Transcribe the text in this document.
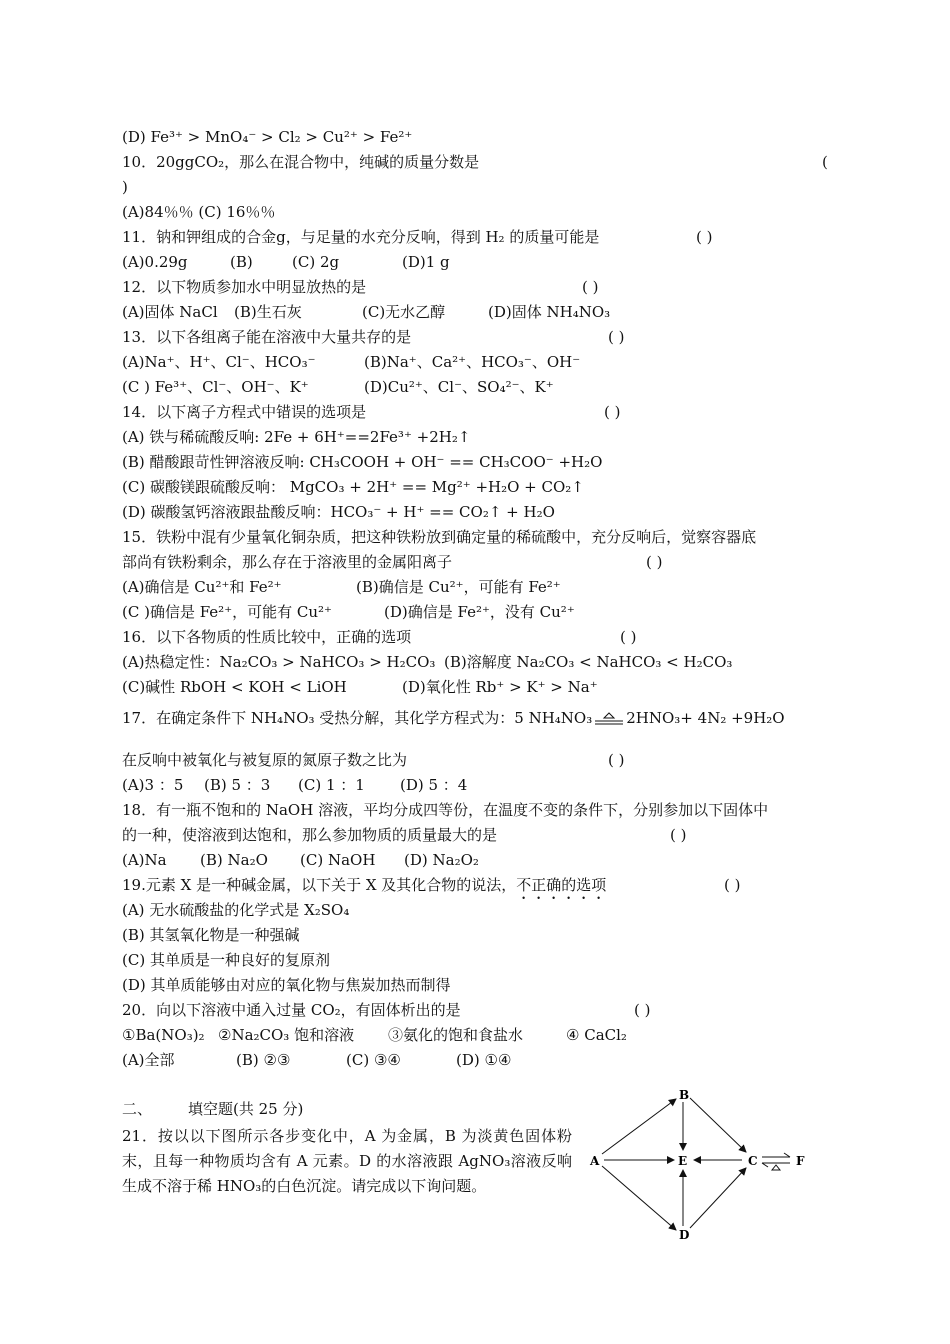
(D) Fe³⁺ > MnO₄⁻ > Cl₂ > Cu²⁺ > Fe²⁺
10．20ggCO₂，那么在混合物中，纯碱的质量分数是	(
)
(A)84％％ (C) 16％％
11．钠和钾组成的合金g，与足量的水充分反响，得到 H₂ 的质量可能是	( )
(A)0.29g	(B)	(C) 2g	(D)1 g
12．以下物质参加水中明显放热的是	( )
(A)固体 NaCl (B)生石灰	(C)无水乙醇	(D)固体 NH₄NO₃
13．以下各组离子能在溶液中大量共存的是	( )
(A)Na⁺、H⁺、Cl⁻、HCO₃⁻	(B)Na⁺、Ca²⁺、HCO₃⁻、OH⁻
(C ) Fe³⁺、Cl⁻、OH⁻、K⁺	(D)Cu²⁺、Cl⁻、SO₄²⁻、K⁺
14．以下离子方程式中错误的选项是	( )
(A) 铁与稀硫酸反响: 2Fe + 6H⁺==2Fe³⁺ +2H₂↑
(B) 醋酸跟苛性钾溶液反响: CH₃COOH + OH⁻ == CH₃COO⁻ +H₂O
(C) 碳酸镁跟硫酸反响： MgCO₃ + 2H⁺ == Mg²⁺ +H₂O + CO₂↑
(D) 碳酸氢钙溶液跟盐酸反响：HCO₃⁻ + H⁺ == CO₂↑ + H₂O
15．铁粉中混有少量氧化铜杂质，把这种铁粉放到确定量的稀硫酸中，充分反响后，觉察容器底
部尚有铁粉剩余，那么存在于溶液里的金属阳离子	( )
(A)确信是 Cu²⁺和 Fe²⁺	(B)确信是 Cu²⁺，可能有 Fe²⁺
(C )确信是 Fe²⁺，可能有 Cu²⁺	(D)确信是 Fe²⁺，没有 Cu²⁺
16．以下各物质的性质比较中，正确的选项	( )
(A)热稳定性：Na₂CO₃ > NaHCO₃ > H₂CO₃ (B)溶解度 Na₂CO₃ < NaHCO₃ < H₂CO₃
(C)碱性 RbOH < KOH < LiOH	(D)氧化性 Rb⁺ > K⁺ > Na⁺
17．在确定条件下 NH₄NO₃ 受热分解，其化学方程式为：5 NH₄NO₃ 2HNO₃+ 4N₂ +9H₂O
在反响中被氧化与被复原的氮原子数之比为	( )
(A)3 ：5 (B) 5 ：3 (C) 1 ：1 (D) 5 ：4
18．有一瓶不饱和的 NaOH 溶液，平均分成四等份，在温度不变的条件下，分别参加以下固体中
的一种，使溶液到达饱和，那么参加物质的质量最大的是	( )
(A)Na (B) Na₂O (C) NaOH (D) Na₂O₂
19.元素 X 是一种碱金属，以下关于 X 及其化合物的说法，不正确的选项	( )
(A) 无水硫酸盐的化学式是 X₂SO₄
(B) 其氢氧化物是一种强碱
(C) 其单质是一种良好的复原剂
(D) 其单质能够由对应的氧化物与焦炭加热而制得
20．向以下溶液中通入过量 CO₂，有固体析出的是	( )
①Ba(NO₃)₂ ②Na₂CO₃ 饱和溶液 ③氨化的饱和食盐水	④ CaCl₂
(A)全部	(B) ②③	(C) ③④	(D) ①④
二、 填空题(共 25 分)
21．按以以下图所示各步变化中，A 为金属，B 为淡黄色固体粉末，且每一种物质均含有 A 元素。D 的水溶液跟 AgNO₃溶液反响生成不溶于稀 HNO₃的白色沉淀。请完成以下询问题。
A
B
C
D
E	F
